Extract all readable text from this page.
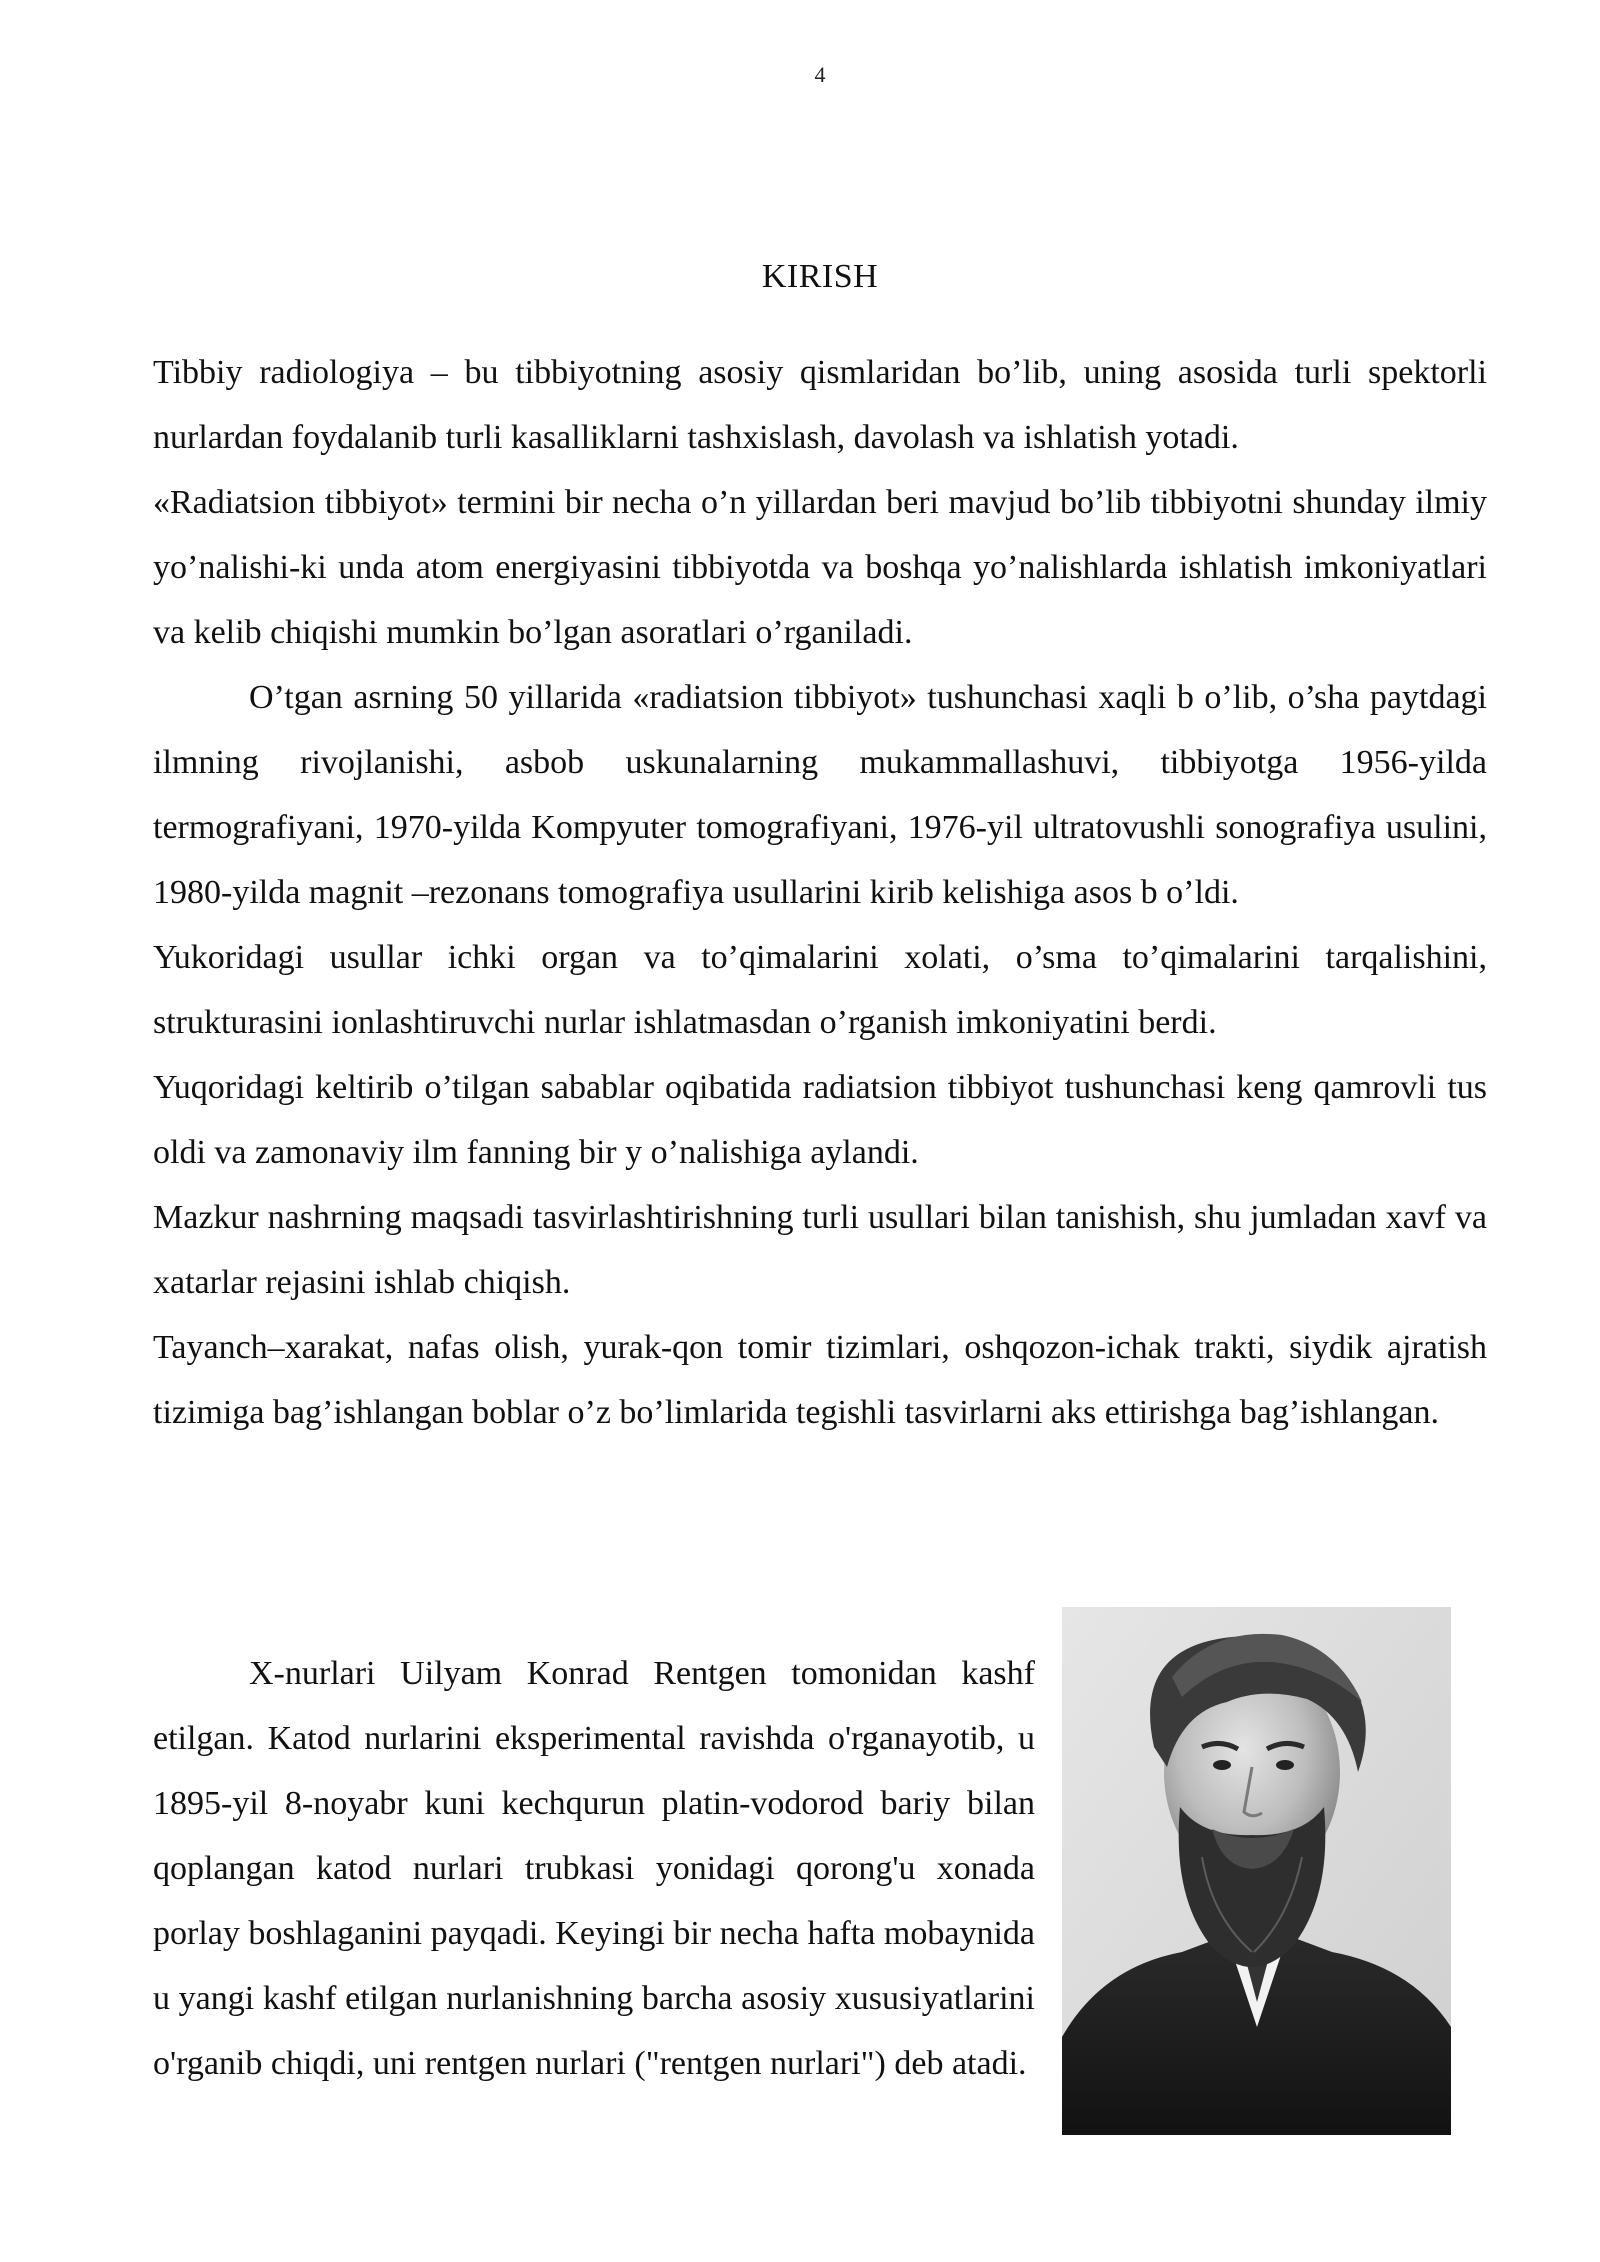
4
KIRISH

Tibbiy radiologiya – bu tibbiyotning asosiy qismlaridan bo’lib, uning asosida turli spektorli nurlardan foydalanib turli kasalliklarni tashxislash, davolash va ishlatish yotadi.

«Radiatsion tibbiyot» termini bir necha o’n yillardan beri mavjud bo’lib tibbiyotni shunday ilmiy yo’nalishi-ki unda atom energiyasini tibbiyotda va boshqa yo’nalishlarda ishlatish imkoniyatlari va kelib chiqishi mumkin bo’lgan asoratlari o’rganiladi.

O’tgan asrning 50 yillarida «radiatsion tibbiyot» tushunchasi xaqli b o’lib, o’sha paytdagi ilmning rivojlanishi, asbob uskunalarning mukammallashuvi, tibbiyotga 1956-yilda termografiyani, 1970-yilda Kompyuter tomografiyani, 1976-yil ultratovushli sonografiya usulini, 1980-yilda magnit –rezonans tomografiya usullarini kirib kelishiga asos b o’ldi.

Yukoridagi usullar ichki organ va to’qimalarini xolati, o’sma to’qimalarini tarqalishini, strukturasini ionlashtiruvchi nurlar ishlatmasdan o’rganish imkoniyatini berdi.

Yuqoridagi keltirib o’tilgan sabablar oqibatida radiatsion tibbiyot tushunchasi keng qamrovli tus oldi va zamonaviy ilm fanning bir y o’nalishiga aylandi.

Mazkur nashrning maqsadi tasvirlashtirishning turli usullari bilan tanishish, shu jumladan xavf va xatarlar rejasini ishlab chiqish.

Tayanch–xarakat, nafas olish, yurak-qon tomir tizimlari, oshqozon-ichak trakti, siydik ajratish tizimiga bag’ishlangan boblar o’z bo’limlarida tegishli tasvirlarni aks ettirishga bag’ishlangan.

X-nurlari Uilyam Konrad Rentgen tomonidan kashf etilgan. Katod nurlarini eksperimental ravishda o'rganayotib, u 1895-yil 8-noyabr kuni kechqurun platin-vodorod bariy bilan qoplangan katod nurlari trubkasi yonidagi qorong'u xonada porlay boshlaganini payqadi. Keyingi bir necha hafta mobaynida u yangi kashf etilgan nurlanishning barcha asosiy xususiyatlarini o'rganib chiqdi, uni rentgen nurlari ("rentgen nurlari") deb atadi.
